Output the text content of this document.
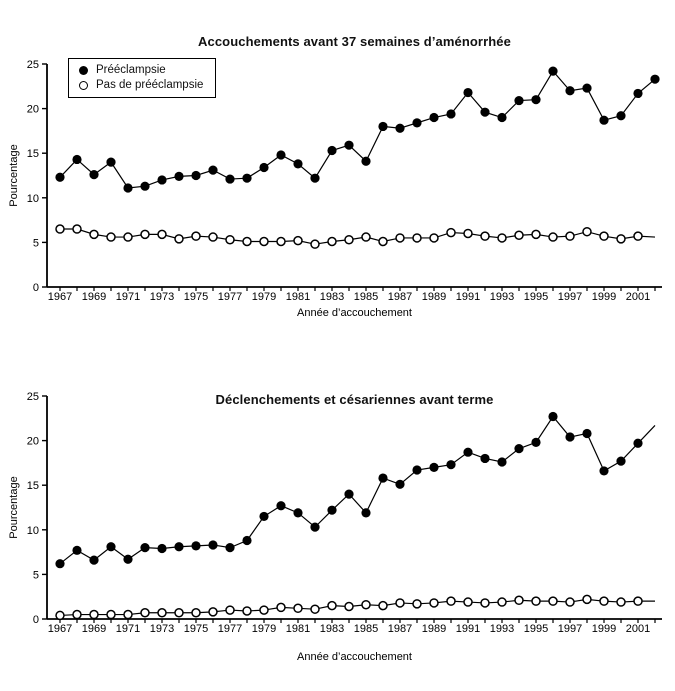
0
5
10
15
20
25
1967 1969 1971 1973 1975 1977 1979 1981 1983 1985 1987 1989 1991 1993 1995 1997 1999 2001
Année d’accouchement
Pourcentage
0
5
10
15
20
25
1967 1969 1971 1973 1975 1977 1979 1981 1983 1985 1987 1989 1991 1993 1995 1997 1999 2001
Année d’accouchement
Pourcentage
Accouchements avant 37 semaines d’aménorrhée
Déclenchements et césariennes avant terme
Prééclampsie
Pas de prééclampsie
